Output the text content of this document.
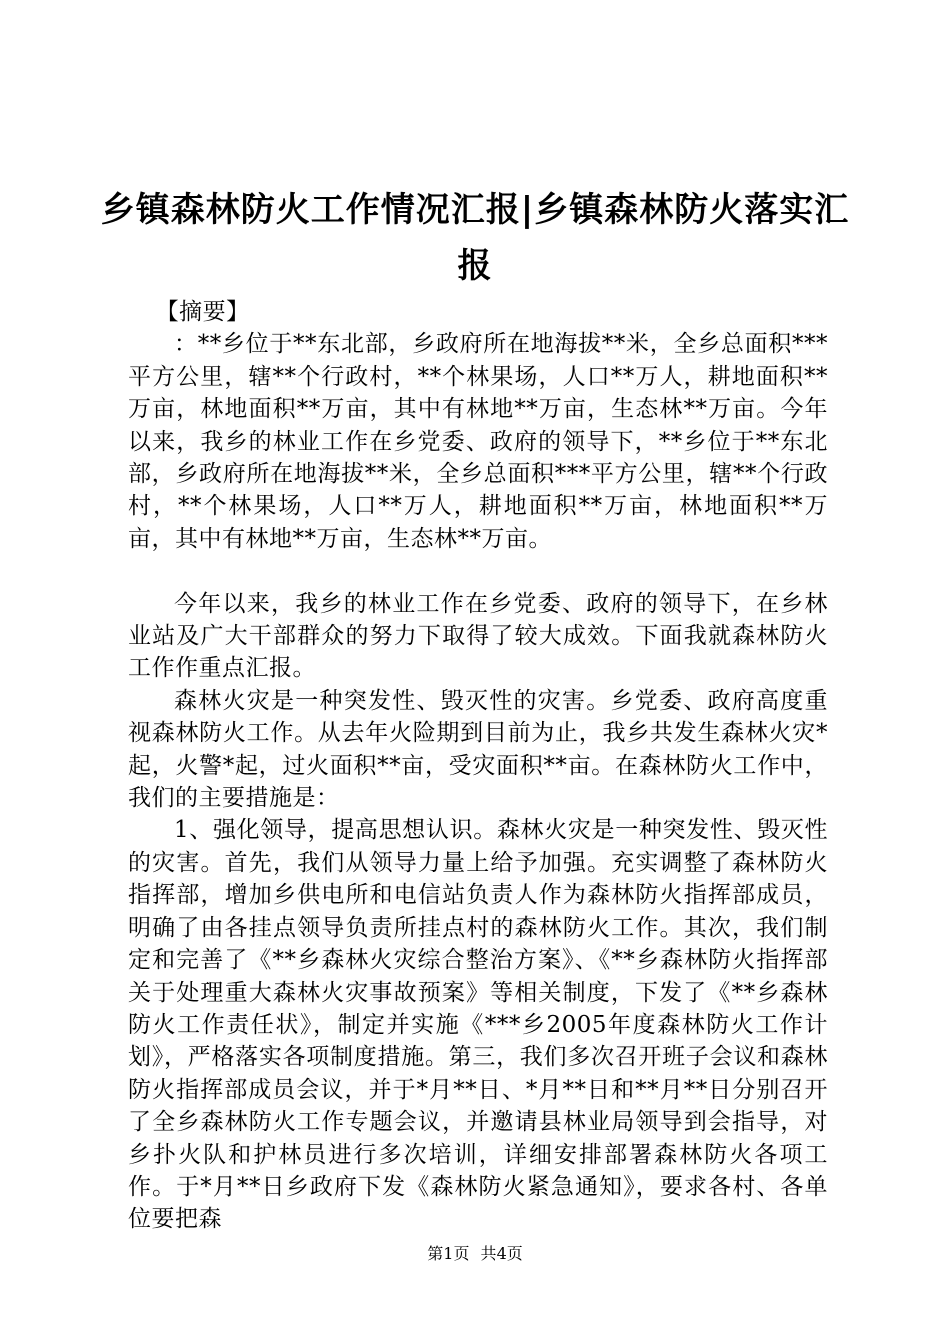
乡镇森林防火工作情况汇报|乡镇森林防火落实汇报

【摘要】

：**乡位于**东北部，乡政府所在地海拔**米，全乡总面积***平方公里，辖**个行政村，**个林果场，人口**万人，耕地面积**万亩，林地面积**万亩，其中有林地**万亩，生态林**万亩。今年以来，我乡的林业工作在乡党委、政府的领导下，**乡位于**东北部，乡政府所在地海拔**米，全乡总面积***平方公里，辖**个行政村，**个林果场，人口**万人，耕地面积**万亩，林地面积**万亩，其中有林地**万亩，生态林**万亩。

今年以来，我乡的林业工作在乡党委、政府的领导下，在乡林业站及广大干部群众的努力下取得了较大成效。下面我就森林防火工作作重点汇报。

森林火灾是一种突发性、毁灭性的灾害。乡党委、政府高度重视森林防火工作。从去年火险期到目前为止，我乡共发生森林火灾*起，火警*起，过火面积**亩，受灾面积**亩。在森林防火工作中，我们的主要措施是：

1、强化领导，提高思想认识。森林火灾是一种突发性、毁灭性的灾害。首先，我们从领导力量上给予加强。充实调整了森林防火指挥部，增加乡供电所和电信站负责人作为森林防火指挥部成员，明确了由各挂点领导负责所挂点村的森林防火工作。其次，我们制定和完善了《**乡森林火灾综合整治方案》、《**乡森林防火指挥部关于处理重大森林火灾事故预案》等相关制度，下发了《**乡森林防火工作责任状》，制定并实施《***乡2005年度森林防火工作计划》，严格落实各项制度措施。第三，我们多次召开班子会议和森林防火指挥部成员会议，并于*月**日、*月**日和**月**日分别召开了全乡森林防火工作专题会议，并邀请县林业局领导到会指导，对乡扑火队和护林员进行多次培训，详细安排部署森林防火各项工作。于*月**日乡政府下发《森林防火紧急通知》，要求各村、各单位要把森

第1页 共4页
